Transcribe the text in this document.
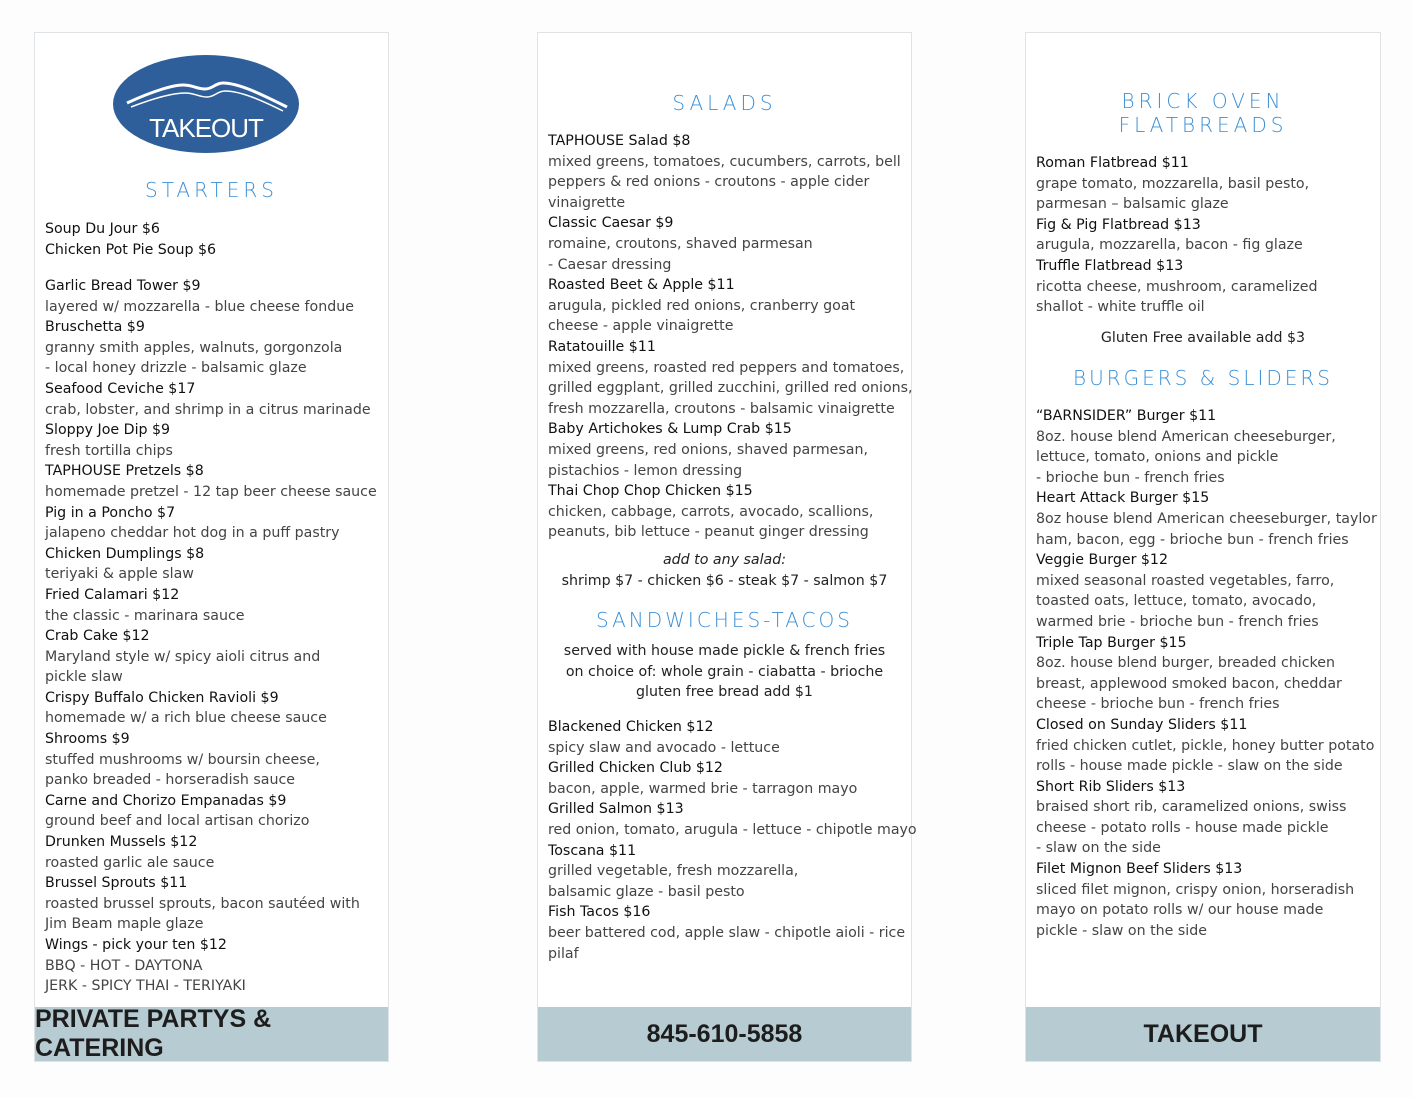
TAKEOUT
STARTERS
Soup Du Jour $6
Chicken Pot Pie Soup $6
Garlic Bread Tower $9
layered w/ mozzarella - blue cheese fondue
Bruschetta $9
granny smith apples, walnuts, gorgonzola
- local honey drizzle - balsamic glaze
Seafood Ceviche $17
crab, lobster, and shrimp in a citrus marinade
Sloppy Joe Dip $9
fresh tortilla chips
TAPHOUSE Pretzels $8
homemade pretzel - 12 tap beer cheese sauce
Pig in a Poncho $7
jalapeno cheddar hot dog in a puff pastry
Chicken Dumplings $8
teriyaki & apple slaw
Fried Calamari $12
the classic - marinara sauce
Crab Cake $12
Maryland style w/ spicy aioli citrus and
pickle slaw
Crispy Buffalo Chicken Ravioli $9
homemade w/ a rich blue cheese sauce
Shrooms $9
stuffed mushrooms w/ boursin cheese,
panko breaded - horseradish sauce
Carne and Chorizo Empanadas $9
ground beef and local artisan chorizo
Drunken Mussels $12
roasted garlic ale sauce
Brussel Sprouts $11
roasted brussel sprouts, bacon sautéed with
Jim Beam maple glaze
Wings - pick your ten $12
BBQ - HOT - DAYTONA
JERK - SPICY THAI - TERIYAKI
PRIVATE PARTYS & CATERING
SALADS
TAPHOUSE Salad $8
mixed greens, tomatoes, cucumbers, carrots, bell
peppers & red onions - croutons - apple cider
vinaigrette
Classic Caesar $9
romaine, croutons, shaved parmesan
- Caesar dressing
Roasted Beet & Apple $11
arugula, pickled red onions, cranberry goat
cheese - apple vinaigrette
Ratatouille $11
mixed greens, roasted red peppers and tomatoes,
grilled eggplant, grilled zucchini, grilled red onions,
fresh mozzarella, croutons - balsamic vinaigrette
Baby Artichokes & Lump Crab $15
mixed greens, red onions, shaved parmesan,
pistachios - lemon dressing
Thai Chop Chop Chicken $15
chicken, cabbage, carrots, avocado, scallions,
peanuts, bib lettuce - peanut ginger dressing
add to any salad:
shrimp $7 - chicken $6 - steak $7 - salmon $7
SANDWICHES-TACOS
served with house made pickle & french fries
on choice of: whole grain - ciabatta - brioche
gluten free bread add $1
Blackened Chicken $12
spicy slaw and avocado - lettuce
Grilled Chicken Club $12
bacon, apple, warmed brie - tarragon mayo
Grilled Salmon $13
red onion, tomato, arugula - lettuce - chipotle mayo
Toscana $11
grilled vegetable, fresh mozzarella,
balsamic glaze - basil pesto
Fish Tacos $16
beer battered cod, apple slaw - chipotle aioli - rice
pilaf
845-610-5858
BRICK OVEN
FLATBREADS
Roman Flatbread $11
grape tomato, mozzarella, basil pesto,
parmesan – balsamic glaze
Fig & Pig Flatbread $13
arugula, mozzarella, bacon - fig glaze
Truffle Flatbread $13
ricotta cheese, mushroom, caramelized
shallot - white truffle oil
Gluten Free available add $3
BURGERS & SLIDERS
“BARNSIDER” Burger $11
8oz. house blend American cheeseburger,
lettuce, tomato, onions and pickle
- brioche bun - french fries
Heart Attack Burger $15
8oz house blend American cheeseburger, taylor
ham, bacon, egg - brioche bun - french fries
Veggie Burger $12
mixed seasonal roasted vegetables, farro,
toasted oats, lettuce, tomato, avocado,
warmed brie - brioche bun - french fries
Triple Tap Burger $15
8oz. house blend burger, breaded chicken
breast, applewood smoked bacon, cheddar
cheese - brioche bun - french fries
Closed on Sunday Sliders $11
fried chicken cutlet, pickle, honey butter potato
rolls - house made pickle - slaw on the side
Short Rib Sliders $13
braised short rib, caramelized onions, swiss
cheese - potato rolls - house made pickle
- slaw on the side
Filet Mignon Beef Sliders $13
sliced filet mignon, crispy onion, horseradish
mayo on potato rolls w/ our house made
pickle - slaw on the side
TAKEOUT
